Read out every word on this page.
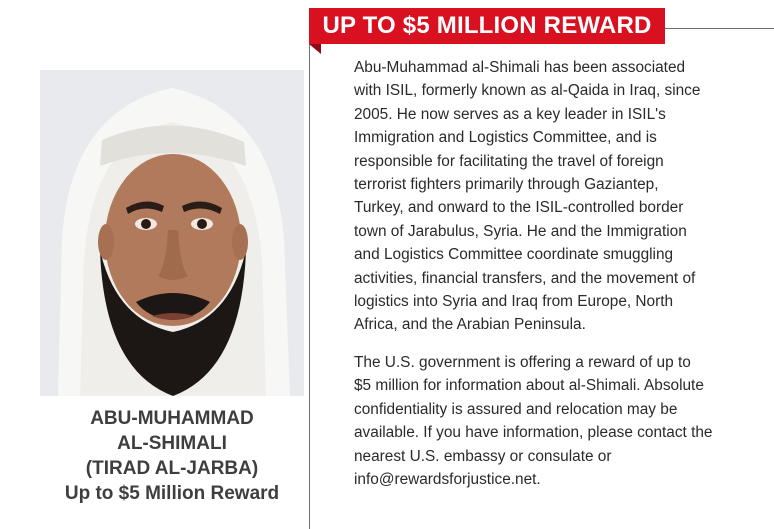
ABU-MUHAMMAD
AL-SHIMALI
(TIRAD AL-JARBA)
Up to $5 Million Reward
UP TO $5 MILLION REWARD

Abu-Muhammad al-Shimali has been associated
with ISIL, formerly known as al-Qaida in Iraq, since
2005. He now serves as a key leader in ISIL's
Immigration and Logistics Committee, and is
responsible for facilitating the travel of foreign
terrorist fighters primarily through Gaziantep,
Turkey, and onward to the ISIL-controlled border
town of Jarabulus, Syria. He and the Immigration
and Logistics Committee coordinate smuggling
activities, financial transfers, and the movement of
logistics into Syria and Iraq from Europe, North
Africa, and the Arabian Peninsula.

The U.S. government is offering a reward of up to
$5 million for information about al-Shimali. Absolute
confidentiality is assured and relocation may be
available. If you have information, please contact the
nearest U.S. embassy or consulate or
info@rewardsforjustice.net.
